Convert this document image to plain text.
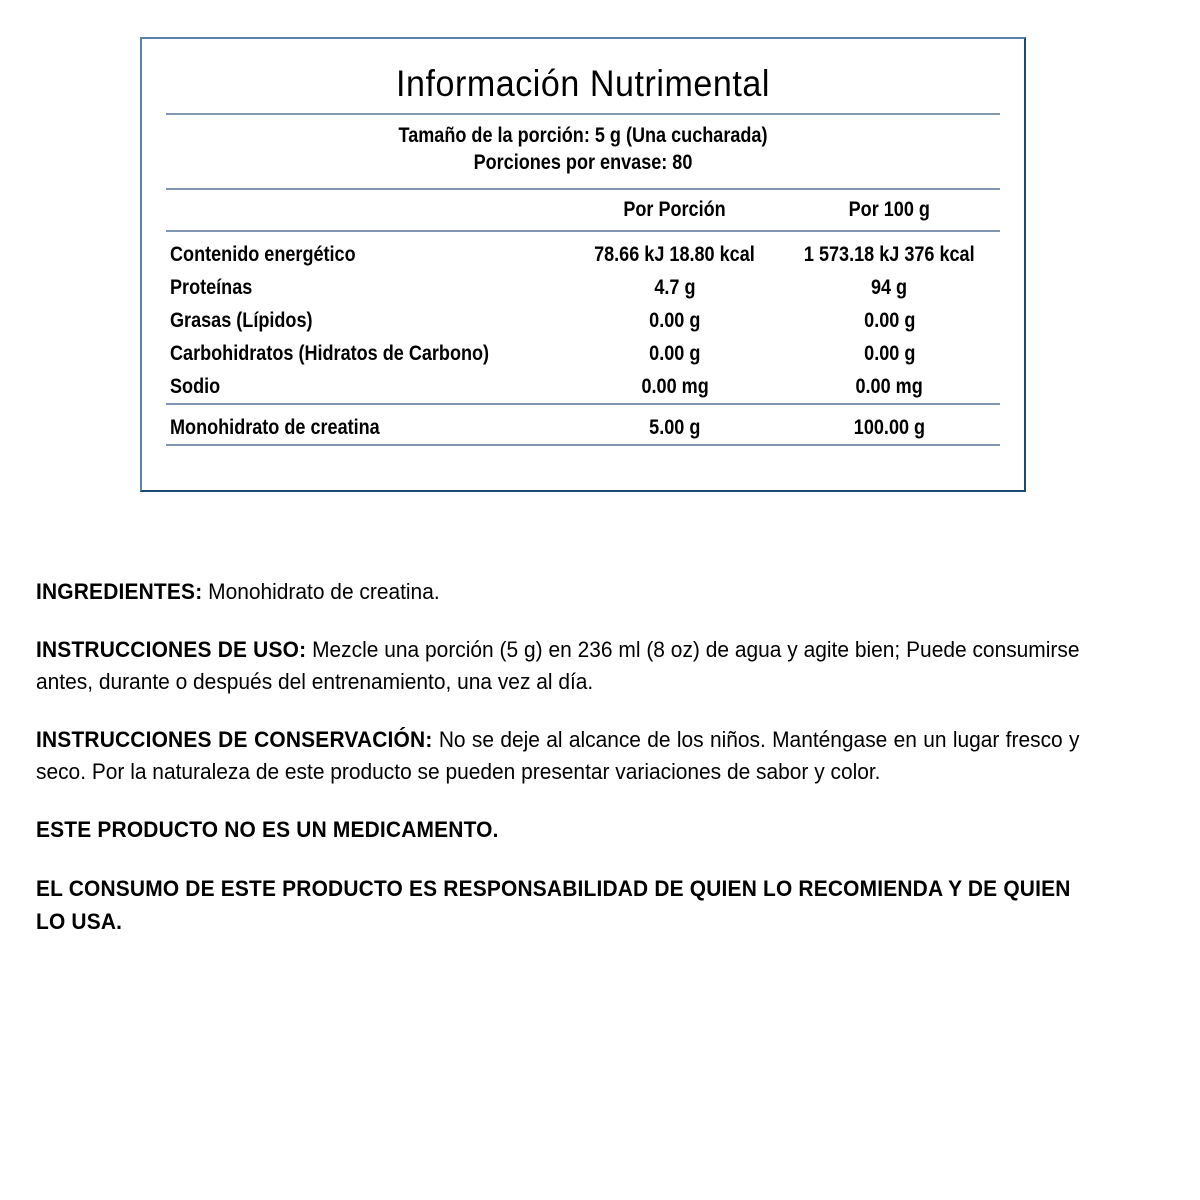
Información Nutrimental
Tamaño de la porción: 5 g (Una cucharada)
Porciones por envase: 80
	Por Porción	Por 100 g

Contenido energético	78.66 kJ 18.80 kcal	1 573.18 kJ 376 kcal
Proteínas	4.7 g	94 g
Grasas (Lípidos)	0.00 g	0.00 g
Carbohidratos (Hidratos de Carbono)	0.00 g	0.00 g
Sodio	0.00 mg	0.00 mg

Monohidrato de creatina	5.00 g	100.00 g

INGREDIENTES: Monohidrato de creatina.

INSTRUCCIONES DE USO: Mezcle una porción (5 g) en 236 ml (8 oz) de agua y agite bien; Puede consumirse antes, durante o después del entrenamiento, una vez al día.

INSTRUCCIONES DE CONSERVACIÓN: No se deje al alcance de los niños. Manténgase en un lugar fresco y seco. Por la naturaleza de este producto se pueden presentar variaciones de sabor y color.

ESTE PRODUCTO NO ES UN MEDICAMENTO.

EL CONSUMO DE ESTE PRODUCTO ES RESPONSABILIDAD DE QUIEN LO RECOMIENDA Y DE QUIEN LO USA.
